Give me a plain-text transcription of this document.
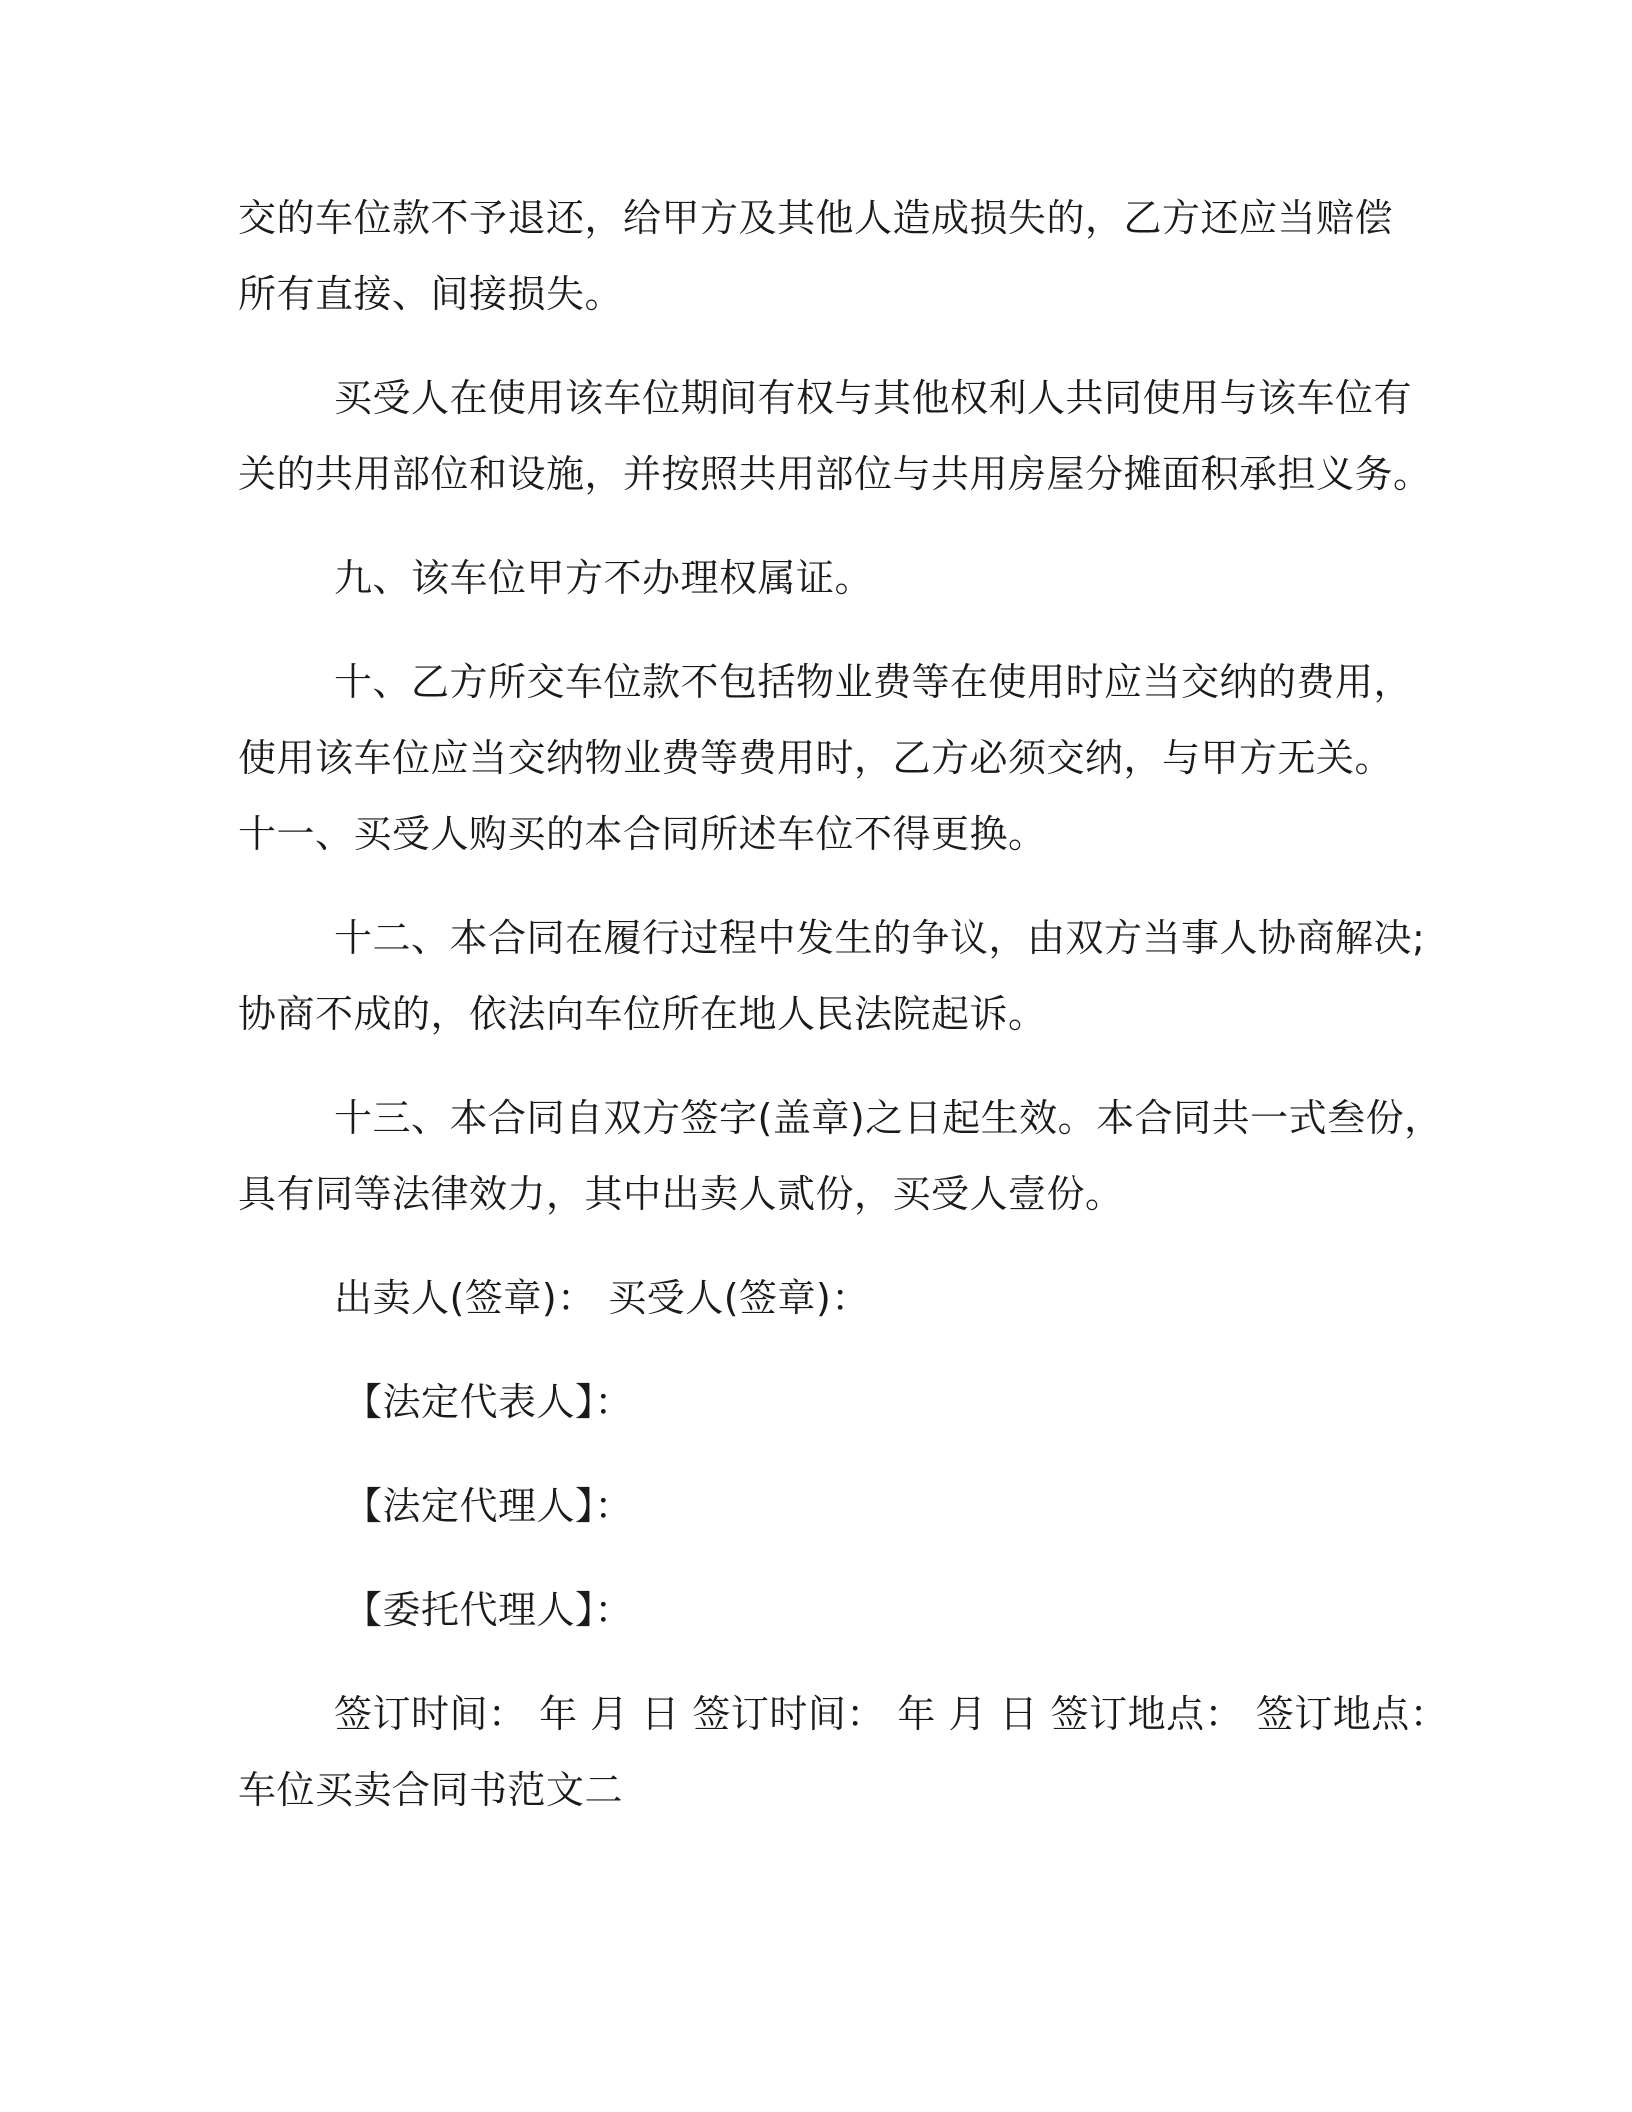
交的车位款不予退还，给甲方及其他人造成损失的，乙方还应当赔偿
所有直接、间接损失。
买受人在使用该车位期间有权与其他权利人共同使用与该车位有
关的共用部位和设施，并按照共用部位与共用房屋分摊面积承担义务。
九、该车位甲方不办理权属证。
十、乙方所交车位款不包括物业费等在使用时应当交纳的费用，
使用该车位应当交纳物业费等费用时，乙方必须交纳，与甲方无关。
十一、买受人购买的本合同所述车位不得更换。
十二、本合同在履行过程中发生的争议，由双方当事人协商解决;
协商不成的，依法向车位所在地人民法院起诉。
十三、本合同自双方签字(盖章)之日起生效。本合同共一式叁份，
具有同等法律效力，其中出卖人贰份，买受人壹份。
出卖人(签章)： 买受人(签章)：
【法定代表人】：
【法定代理人】：
【委托代理人】：
签订时间： 年 月 日 签订时间： 年 月 日 签订地点： 签订地点：
车位买卖合同书范文二
